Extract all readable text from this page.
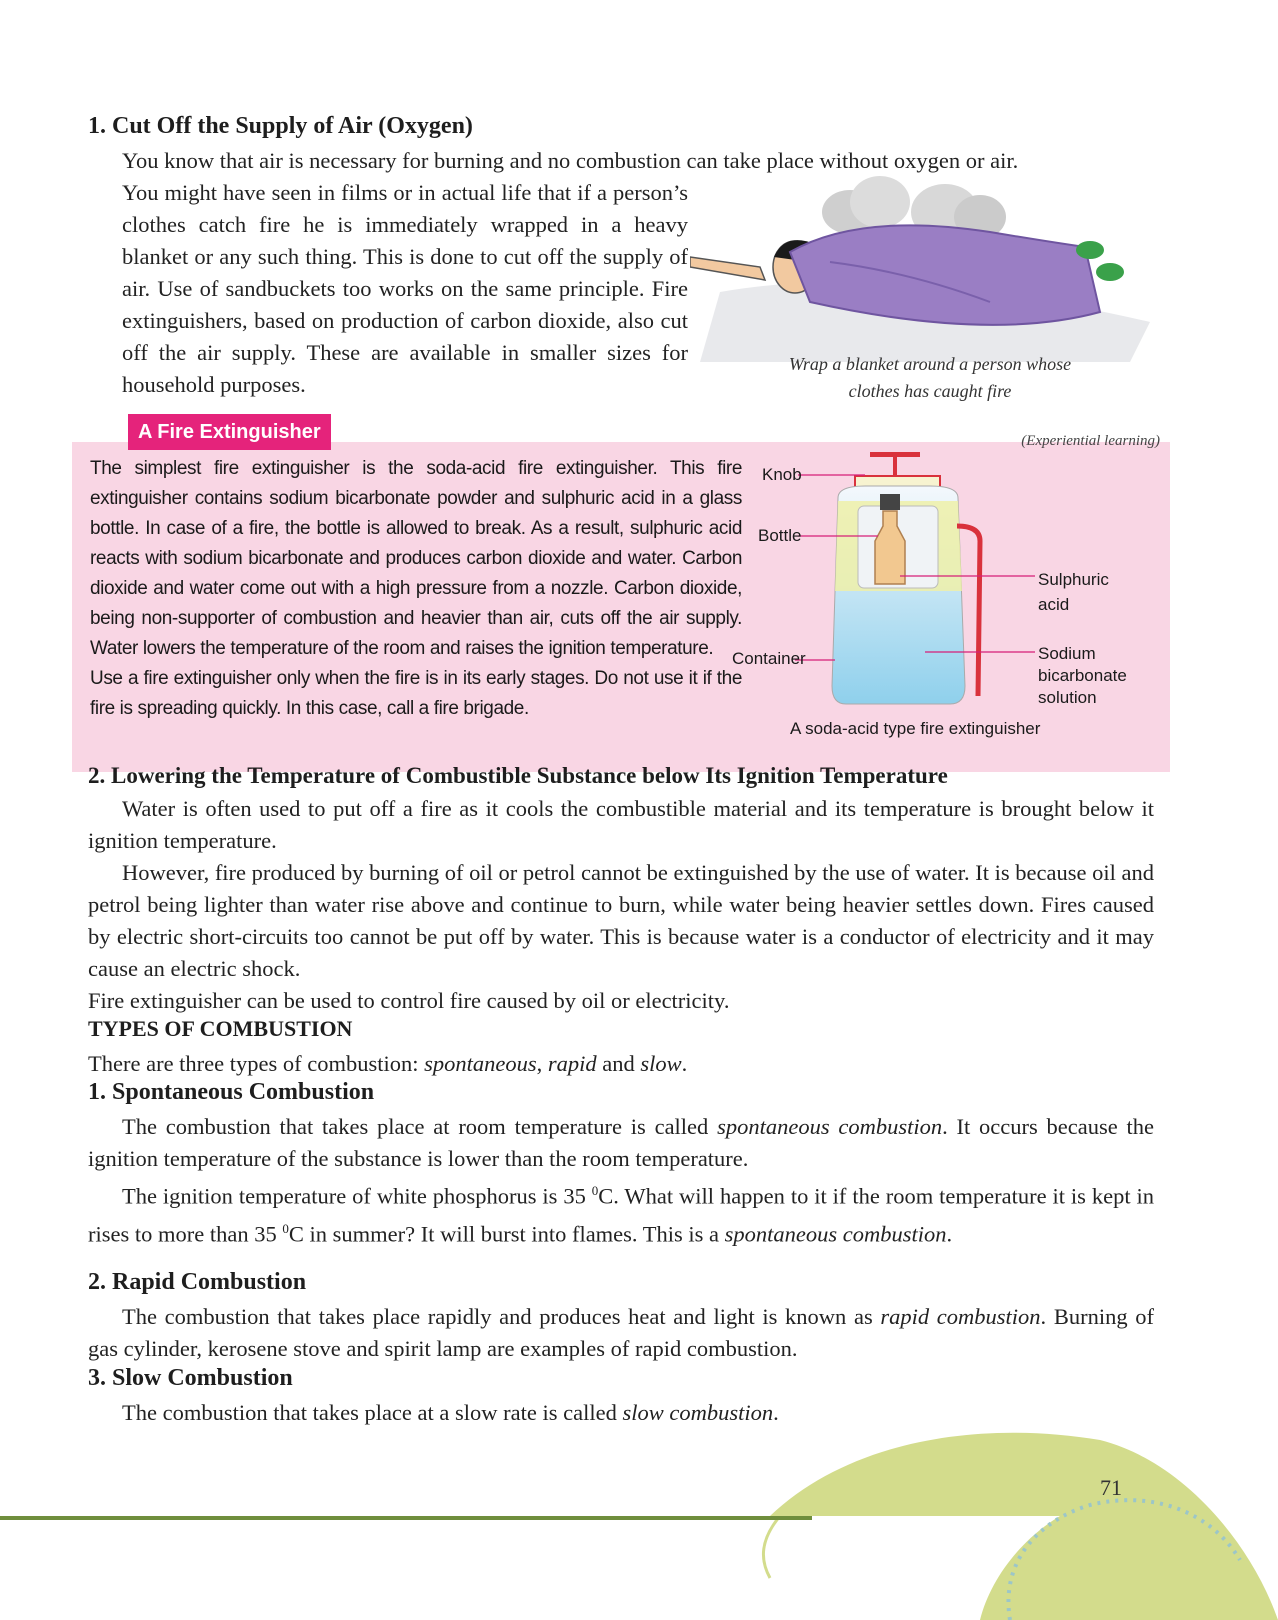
1. Cut Off the Supply of Air (Oxygen)
You know that air is necessary for burning and no combustion can take place without oxygen or air.
You might have seen in films or in actual life that if a person’s clothes catch fire he is immediately wrapped in a heavy blanket or any such thing. This is done to cut off the supply of air. Use of sandbuckets too works on the same principle. Fire extinguishers, based on production of carbon dioxide, also cut off the air supply. These are available in smaller sizes for household purposes.
Wrap a blanket around a person whose
clothes has caught fire
A Fire Extinguisher	(Experiential learning)
The simplest fire extinguisher is the soda-acid fire extinguisher. This fire extinguisher contains sodium bicarbonate powder and sulphuric acid in a glass bottle. In case of a fire, the bottle is allowed to break. As a result, sulphuric acid reacts with sodium bicarbonate and produces carbon dioxide and water. Carbon dioxide and water come out with a high pressure from a nozzle. Carbon dioxide, being non-supporter of combustion and heavier than air, cuts off the air supply. Water lowers the temperature of the room and raises the ignition temperature.
Use a fire extinguisher only when the fire is in its early stages. Do not use it if the fire is spreading quickly. In this case, call a fire brigade.
Knob
Bottle
Container
Sulphuric
acid
Sodium
bicarbonate
solution
A soda-acid type fire extinguisher
2. Lowering the Temperature of Combustible Substance below Its Ignition Temperature
Water is often used to put off a fire as it cools the combustible material and its temperature is brought below it ignition temperature.
However, fire produced by burning of oil or petrol cannot be extinguished by the use of water. It is because oil and petrol being lighter than water rise above and continue to burn, while water being heavier settles down. Fires caused by electric short-circuits too cannot be put off by water. This is because water is a conductor of electricity and it may cause an electric shock.
Fire extinguisher can be used to control fire caused by oil or electricity.
TYPES OF COMBUSTION
There are three types of combustion: spontaneous, rapid and slow.
1. Spontaneous Combustion
The combustion that takes place at room temperature is called spontaneous combustion. It occurs because the ignition temperature of the substance is lower than the room temperature.
The ignition temperature of white phosphorus is 35 $^0$C. What will happen to it if the room temperature it is kept in rises to more than 35 $^0$C in summer? It will burst into flames. This is a spontaneous combustion.
2. Rapid Combustion
The combustion that takes place rapidly and produces heat and light is known as rapid combustion. Burning of gas cylinder, kerosene stove and spirit lamp are examples of rapid combustion.
3. Slow Combustion
The combustion that takes place at a slow rate is called slow combustion.
71
